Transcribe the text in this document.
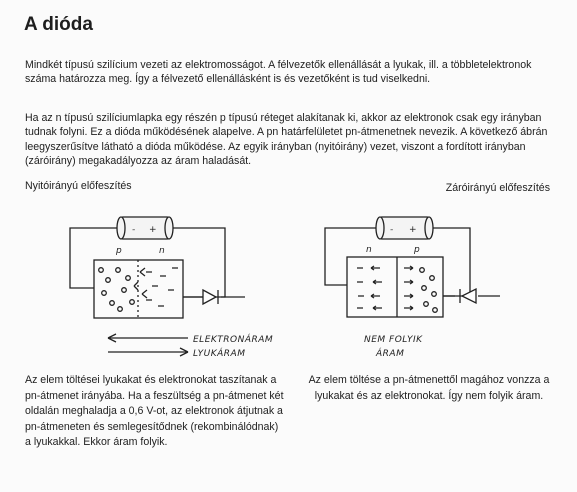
A dióda
Mindkét típusú szilícium vezeti az elektromosságot. A félvezetők ellenállását a lyukak, ill. a többletelektronok száma határozza meg. Így a félvezető ellenállásként is és vezetőként is tud viselkedni.
Ha az n típusú szilíciumlapka egy részén p típusú réteget alakítanak ki, akkor az elektronok csak egy irányban tudnak folyni. Ez a dióda működésének alapelve. A pn határfelületet pn-átmenetnek nevezik. A következő ábrán leegyszerűsítve látható a dióda működése. Az egyik irányban (nyitóirány) vezet, viszont a fordított irányban (záróirány) megakadályozza az áram haladását.
Nyitóirányú előfeszítés	Záróirányú előfeszítés
- +
p	n
ELEKTRONÁRAM
LYUKÁRAM
- +
n	p
NEM FOLYIK
ÁRAM
Az elem töltései lyukakat és elektronokat taszítanak a pn-átmenet irányába. Ha a feszültség a pn-átmenet két oldalán meghaladja a 0,6 V-ot, az elektronok átjutnak a pn-átmeneten és semlegesítődnek (rekombinálódnak) a lyukakkal. Ekkor áram folyik.
Az elem töltése a pn-átmenettől magához vonzza a lyukakat és az elektronokat. Így nem folyik áram.
